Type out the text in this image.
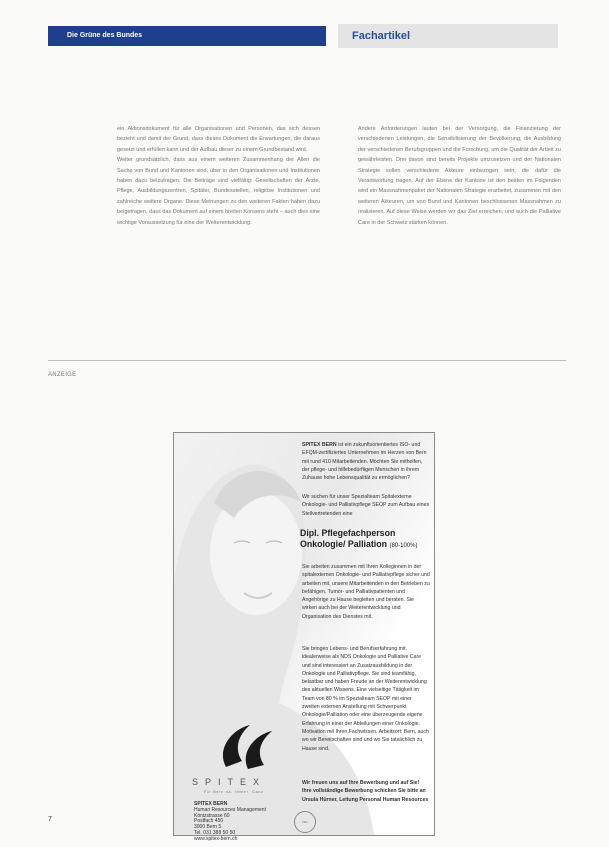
Die Grüne des Bundes	Fachartikel

ein Aktionsdokument für alle Organisationen und Personen, das sich dessen bezieht und damit der Grund, dass dieses Dokument die Erwartungen, die daraus gesetzt und erfüllen kann und der Aufbau dieser zu einem Grundbestand wird.

Weiter grundsätzlich, dass aus einem weiteren Zusammenhang der Allen die Sache von Bund und Kantonen sind, über in den Organisationen und Institutionen haben dazu beizutragen. Die Beiträge sind vielfältig: Gesellschaften der Ärzte, Pflege, Ausbildungszentren, Spitäler, Bundesstellen, religiöse Institutionen und zahlreiche weitere Organe. Diese Meinungen zu den weiteren Fakten haben dazu beigetragen, dass das Dokument auf einem breiten Konsens steht – auch dies eine wichtige Voraussetzung für eine der Weiterentwicklung.

Andere Anforderungen lauten bei der Versorgung, die Finanzierung der verschiedenen Leistungen, die Sensibilisierung der Bevölkerung, die Ausbildung der verschiedenen Berufsgruppen und die Forschung, um die Qualität der Arbeit zu gewährleisten. Drei davon sind bereits Projekte umzusetzen und der Nationalen Strategie sollen verschiedene Akteure einbezogen sein, die dafür die Verantwortung tragen. Auf der Ebene der Kantone ist den beiden im Folgenden wird ein Massnahmenpaket der Nationalen Strategie erarbeitet, zusammen mit den weiteren Akteuren, um von Bund und Kantonen beschlossenen Massnahmen zu realisieren. Auf diese Weise werden wir das Ziel erreichen, und auch die Palliative Care in der Schweiz stärken können.

ANZEIGE

SPITEX BERN ist ein zukunftsorientiertes ISO- und EFQM-zertifiziertes Unternehmen im Herzen von Bern mit rund 410 Mitarbeitenden. Möchten Sie mithelfen, der pflege- und hilfebedürftigen Menschen in ihrem Zuhause hohe Lebensqualität zu ermöglichen?

Wir suchen für unser Spezialteam Spitalexterne Onkologie- und Palliativpflege SEOP zum Aufbau eines Stellvertretenden eine

Dipl. Pflegefachperson Onkologie/ Palliation (80-100%)

Sie arbeiten zusammen mit Ihren Kolleginnen in der spitalexternen Onkologie- und Palliativpflege sicher und arbeiten mit, unsere Mitarbeitenden in den Betrieben zu befähigen. Tumor- und Palliativpatienten und Angehörige zu Hause begleiten und beraten. Sie wirken auch bei der Weiterentwicklung und Organisation des Dienstes mit.

Sie bringen Lebens- und Berufserfahrung mit, idealerweise als NDS Onkologie und Palliative Care und sind interessiert an Zusatzausbildung in der Onkologie und Palliativpflege. Sie sind teamfähig, belastbar und haben Freude an der Weiterentwicklung des aktuellen Wissens. Eine vielseitige Tätigkeit im Team von 80 % im Spezialteam SEOP mit einer zweiten externen Anstellung mit Schwerpunkt Onkologie/Palliation oder eine überzeugende eigene Erfahrung in einer der Abteilungen einer Onkologie. Motivation mit Ihren Fachwissen. Arbeitsort: Bern, auch wo wir Bereitschaften sind und wo Sie tatsächlich zu Hause sind.

Wir freuen uns auf Ihre Bewerbung und auf Sie! Ihre vollständige Bewerbung schicken Sie bitte an Ursula Hürner, Leitung Personal Human Resources

SPITEX
Für Bern da. Immer. Ganz.
SPITEX BERN
Human Resources Management
Könizstrasse 60
Postfach 450
3000 Bern 5
Tel. 031 388 50 50
www.spitex-bern.ch
ISO
7
